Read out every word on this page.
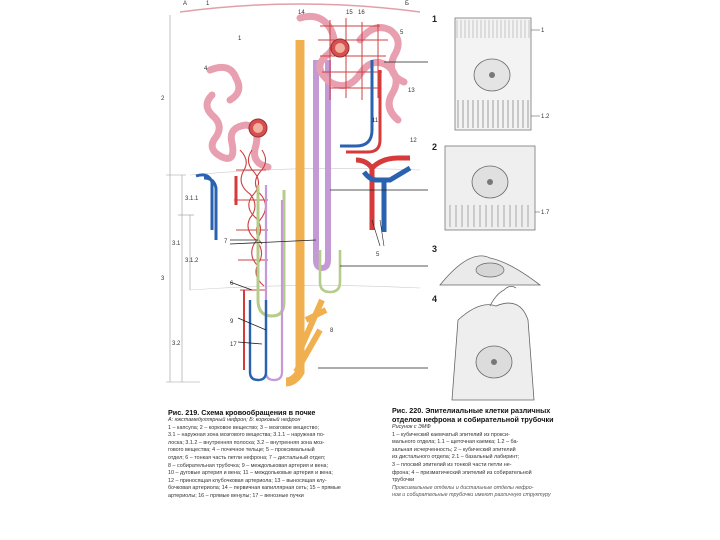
А	1	Б
2
3.1.1
3.1
3.1.2
3
3.2
1
4
7
6
9
17
14	15 16
5
13
11
12
5
8
1
2
3
4
1
1.2
1.7
Рис. 219. Схема кровообращения в почке
А: юкстамедуллярный нефрон; Б: корковый нефрон
1 – капсула; 2 – корковое вещество; 3 – мозговое вещество;
3.1 – наружная зона мозгового вещества; 3.1.1 – наружная по-
лоска; 3.1.2 – внутренняя полоска; 3.2 – внутренняя зона моз-
гового вещества; 4 – почечное тельце; 5 – проксимальный
отдел; 6 – тонкая часть петли нефрона; 7 – дистальный отдел;
8 – собирательная трубочка; 9 – междольковая артерия и вена;
10 – дуговые артерия и вена; 11 – междольковые артерия и вена;
12 – приносящая клубочковая артериола; 13 – выносящая клу-
бочковая артериола; 14 – первичная капиллярная сеть; 15 – прямые
артериолы; 16 – прямые венулы; 17 – венозные пучки
Рис. 220. Эпителиальные клетки различных отделов нефрона и собирательной трубочки
Рисунок с ЭМФ
1 – кубический каемчатый эпителий из прокси-
мального отдела; 1.1 – щеточная каемка; 1.2 – ба-
зальная исчерченность; 2 – кубический эпителий
из дистального отдела; 2.1 – базальный лабиринт;
3 – плоский эпителий из тонкой части петли не-
фрона; 4 – призматический эпителий из собирательной
трубочки
Проксимальные отделы и дистальные отделы нефро-
нов и собирательные трубочки имеют различную структуру
